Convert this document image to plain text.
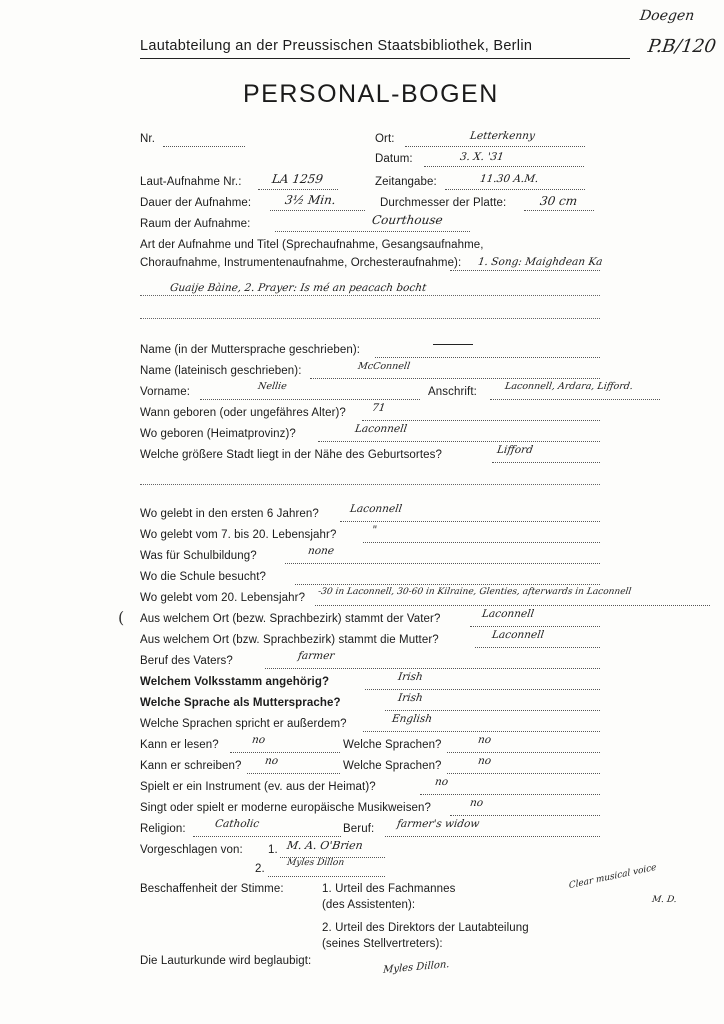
Doegen
P.B/120
Lautabteilung an der Preussischen Staatsbibliothek, Berlin
PERSONAL-BOGEN
Nr.	Ort:	Letterkenny
Datum:	3. X. '31
Laut-Aufnahme Nr.: LA 1259	Zeitangabe:	11.30 A.M.
Dauer der Aufnahme:	3½ Min.	Durchmesser der Platte:	30 cm
Raum der Aufnahme:	Courthouse
Art der Aufnahme und Titel (Sprechaufnahme, Gesangsaufnahme,
Choraufnahme, Instrumentenaufnahme, Orchesteraufnahme): 1. Song: Maighdean Ka
Guaije Bàine, 2. Prayer: Is mé an peacach bocht
Name (in der Muttersprache geschrieben):
Name (lateinisch geschrieben):	McConnell
Vorname:	Nellie	Anschrift:	Laconnell, Ardara, Lifford.
Wann geboren (oder ungefähres Alter)? 71
Wo geboren (Heimatprovinz)?	Laconnell
Welche größere Stadt liegt in der Nähe des Geburtsortes?	Lifford
Wo gelebt in den ersten 6 Jahren?	Laconnell
Wo gelebt vom 7. bis 20. Lebensjahr?	"
Was für Schulbildung?	none
Wo die Schule besucht?
Wo gelebt vom 20. Lebensjahr? -30 in Laconnell, 30-60 in Kilraine, Glenties, afterwards in Laconnell
Aus welchem Ort (bezw. Sprachbezirk) stammt der Vater?	Laconnell
Aus welchem Ort (bzw. Sprachbezirk) stammt die Mutter?	Laconnell
Beruf des Vaters?	farmer
Welchem Volksstamm angehörig?	Irish
Welche Sprache als Muttersprache?	Irish
Welche Sprachen spricht er außerdem?	English
Kann er lesen?	no	Welche Sprachen?	no
Kann er schreiben? no	Welche Sprachen?	no
Spielt er ein Instrument (ev. aus der Heimat)?	no
Singt oder spielt er moderne europäische Musikweisen?	no
Religion:	Catholic	Beruf: farmer's widow
Vorgeschlagen von: 1. M. A. O'Brien
2. Myles Dillon
Beschaffenheit der Stimme:	1. Urteil des Fachmannes
(des Assistenten):
Clear musical voice
M. D.
2. Urteil des Direktors der Lautabteilung
(seines Stellvertreters):
Die Lauturkunde wird beglaubigt:	Myles Dillon.
(
